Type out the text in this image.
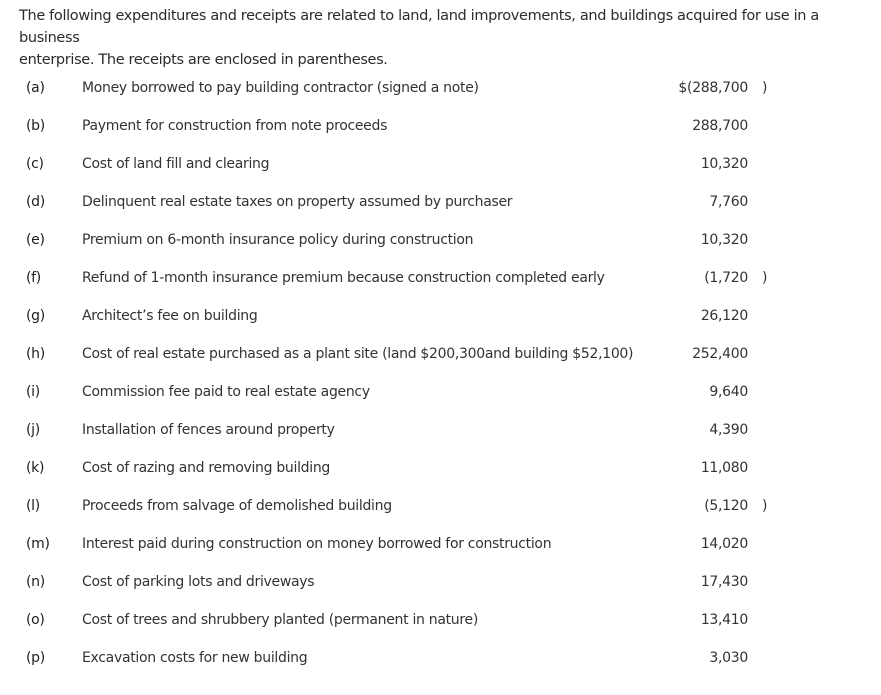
The following expenditures and receipts are related to land, land improvements, and buildings acquired for use in a business
enterprise. The receipts are enclosed in parentheses.
(a)	Money borrowed to pay building contractor (signed a note)	$(288,700 )
(b)	Payment for construction from note proceeds	288,700
(c)	Cost of land fill and clearing	10,320
(d)	Delinquent real estate taxes on property assumed by purchaser	7,760
(e)	Premium on 6-month insurance policy during construction	10,320
(f)	Refund of 1-month insurance premium because construction completed early	(1,720 )
(g)	Architect’s fee on building	26,120
(h)	Cost of real estate purchased as a plant site (land $200,300and building $52,100)	252,400
(i)	Commission fee paid to real estate agency	9,640
(j)	Installation of fences around property	4,390
(k)	Cost of razing and removing building	11,080
(l)	Proceeds from salvage of demolished building	(5,120 )
(m) Interest paid during construction on money borrowed for construction	14,020
(n)	Cost of parking lots and driveways	17,430
(o)	Cost of trees and shrubbery planted (permanent in nature)	13,410
(p)	Excavation costs for new building	3,030
